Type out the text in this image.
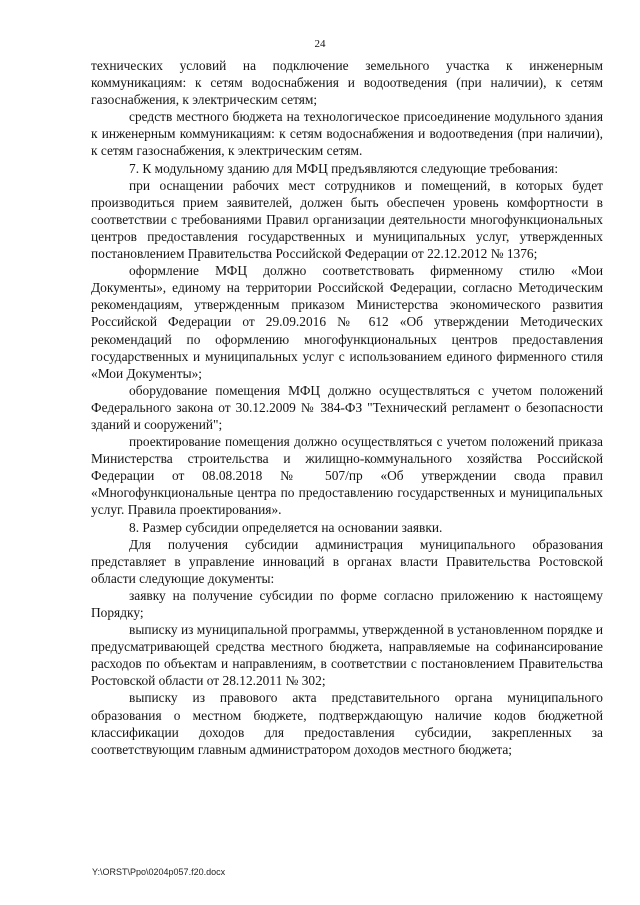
24

технических условий на подключение земельного участка к инженерным коммуникациям: к сетям водоснабжения и водоотведения (при наличии), к сетям газоснабжения, к электрическим сетям;

средств местного бюджета на технологическое присоединение модульного здания к инженерным коммуникациям: к сетям водоснабжения и водоотведения (при наличии), к сетям газоснабжения, к электрическим сетям.

7. К модульному зданию для МФЦ предъявляются следующие требования:

при оснащении рабочих мест сотрудников и помещений, в которых будет производиться прием заявителей, должен быть обеспечен уровень комфортности в соответствии с требованиями Правил организации деятельности многофункциональных центров предоставления государственных и муниципальных услуг, утвержденных постановлением Правительства Российской Федерации от 22.12.2012 № 1376;

оформление МФЦ должно соответствовать фирменному стилю «Мои Документы», единому на территории Российской Федерации, согласно Методическим рекомендациям, утвержденным приказом Министерства экономического развития Российской Федерации от 29.09.2016 № 612 «Об утверждении Методических рекомендаций по оформлению многофункциональных центров предоставления государственных и муниципальных услуг с использованием единого фирменного стиля «Мои Документы»;

оборудование помещения МФЦ должно осуществляться с учетом положений Федерального закона от 30.12.2009 № 384-ФЗ "Технический регламент о безопасности зданий и сооружений";

проектирование помещения должно осуществляться с учетом положений приказа Министерства строительства и жилищно-коммунального хозяйства Российской Федерации от 08.08.2018 № 507/пр «Об утверждении свода правил «Многофункциональные центра по предоставлению государственных и муниципальных услуг. Правила проектирования».

8. Размер субсидии определяется на основании заявки.

Для получения субсидии администрация муниципального образования представляет в управление инноваций в органах власти Правительства Ростовской области следующие документы:

заявку на получение субсидии по форме согласно приложению к настоящему Порядку;

выписку из муниципальной программы, утвержденной в установленном порядке и предусматривающей средства местного бюджета, направляемые на софинансирование расходов по объектам и направлениям, в соответствии с постановлением Правительства Ростовской области от 28.12.2011 № 302;

выписку из правового акта представительного органа муниципального образования о местном бюджете, подтверждающую наличие кодов бюджетной классификации доходов для предоставления субсидии, закрепленных за соответствующим главным администратором доходов местного бюджета;

Y:\ORST\Ppo\0204p057.f20.docx
